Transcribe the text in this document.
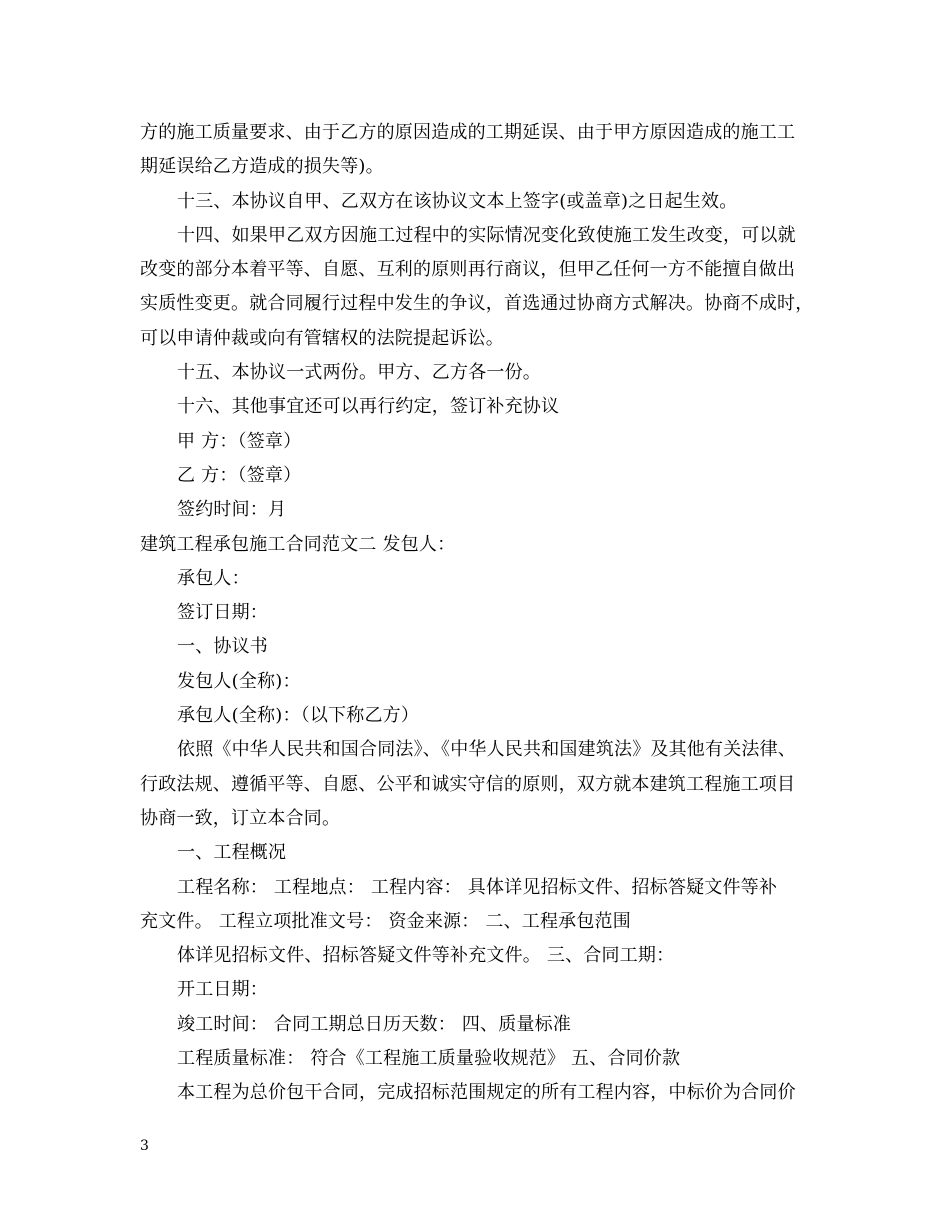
方的施工质量要求、由于乙方的原因造成的工期延误、由于甲方原因造成的施工工
期延误给乙方造成的损失等)。
十三、本协议自甲、乙双方在该协议文本上签字(或盖章)之日起生效。
十四、如果甲乙双方因施工过程中的实际情况变化致使施工发生改变，可以就
改变的部分本着平等、自愿、互利的原则再行商议，但甲乙任何一方不能擅自做出
实质性变更。就合同履行过程中发生的争议，首选通过协商方式解决。协商不成时，
可以申请仲裁或向有管辖权的法院提起诉讼。
十五、本协议一式两份。甲方、乙方各一份。
十六、其他事宜还可以再行约定，签订补充协议
甲 方：（签章）
乙 方：（签章）
签约时间：月
建筑工程承包施工合同范文二 发包人：
承包人：
签订日期：
一、协议书
发包人(全称)：
承包人(全称)：（以下称乙方）
依照《中华人民共和国合同法》、《中华人民共和国建筑法》及其他有关法律、
行政法规、遵循平等、自愿、公平和诚实守信的原则，双方就本建筑工程施工项目
协商一致，订立本合同。
一、工程概况
工程名称： 工程地点： 工程内容： 具体详见招标文件、招标答疑文件等补
充文件。 工程立项批准文号： 资金来源： 二、工程承包范围
体详见招标文件、招标答疑文件等补充文件。 三、合同工期：
开工日期：
竣工时间： 合同工期总日历天数： 四、质量标准
工程质量标准： 符合《工程施工质量验收规范》 五、合同价款
本工程为总价包干合同，完成招标范围规定的所有工程内容，中标价为合同价
3
